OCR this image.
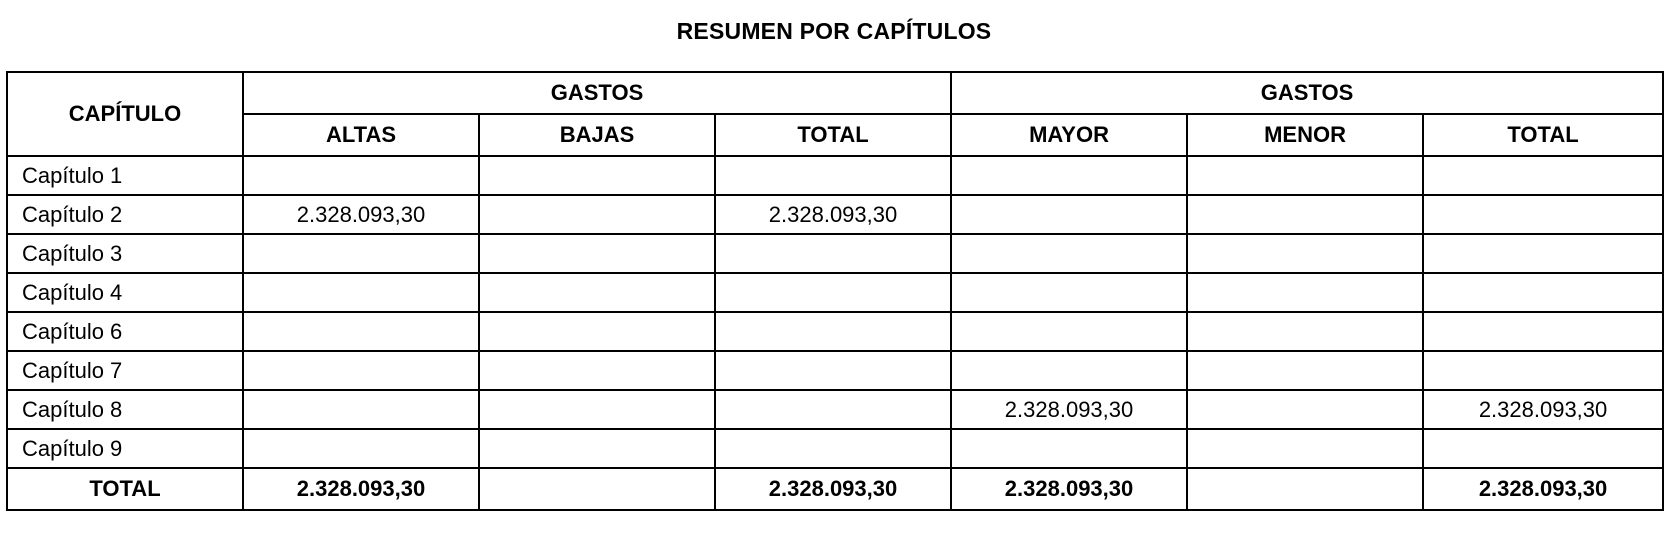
RESUMEN POR CAPÍTULOS
CAPÍTULO	GASTOS			GASTOS		
	ALTAS	BAJAS	TOTAL	MAYOR	MENOR	TOTAL
Capítulo 1						
Capítulo 2	2.328.093,30		2.328.093,30			
Capítulo 3						
Capítulo 4						
Capítulo 6						
Capítulo 7						
Capítulo 8				2.328.093,30		2.328.093,30
Capítulo 9						
TOTAL	2.328.093,30		2.328.093,30	2.328.093,30		2.328.093,30
